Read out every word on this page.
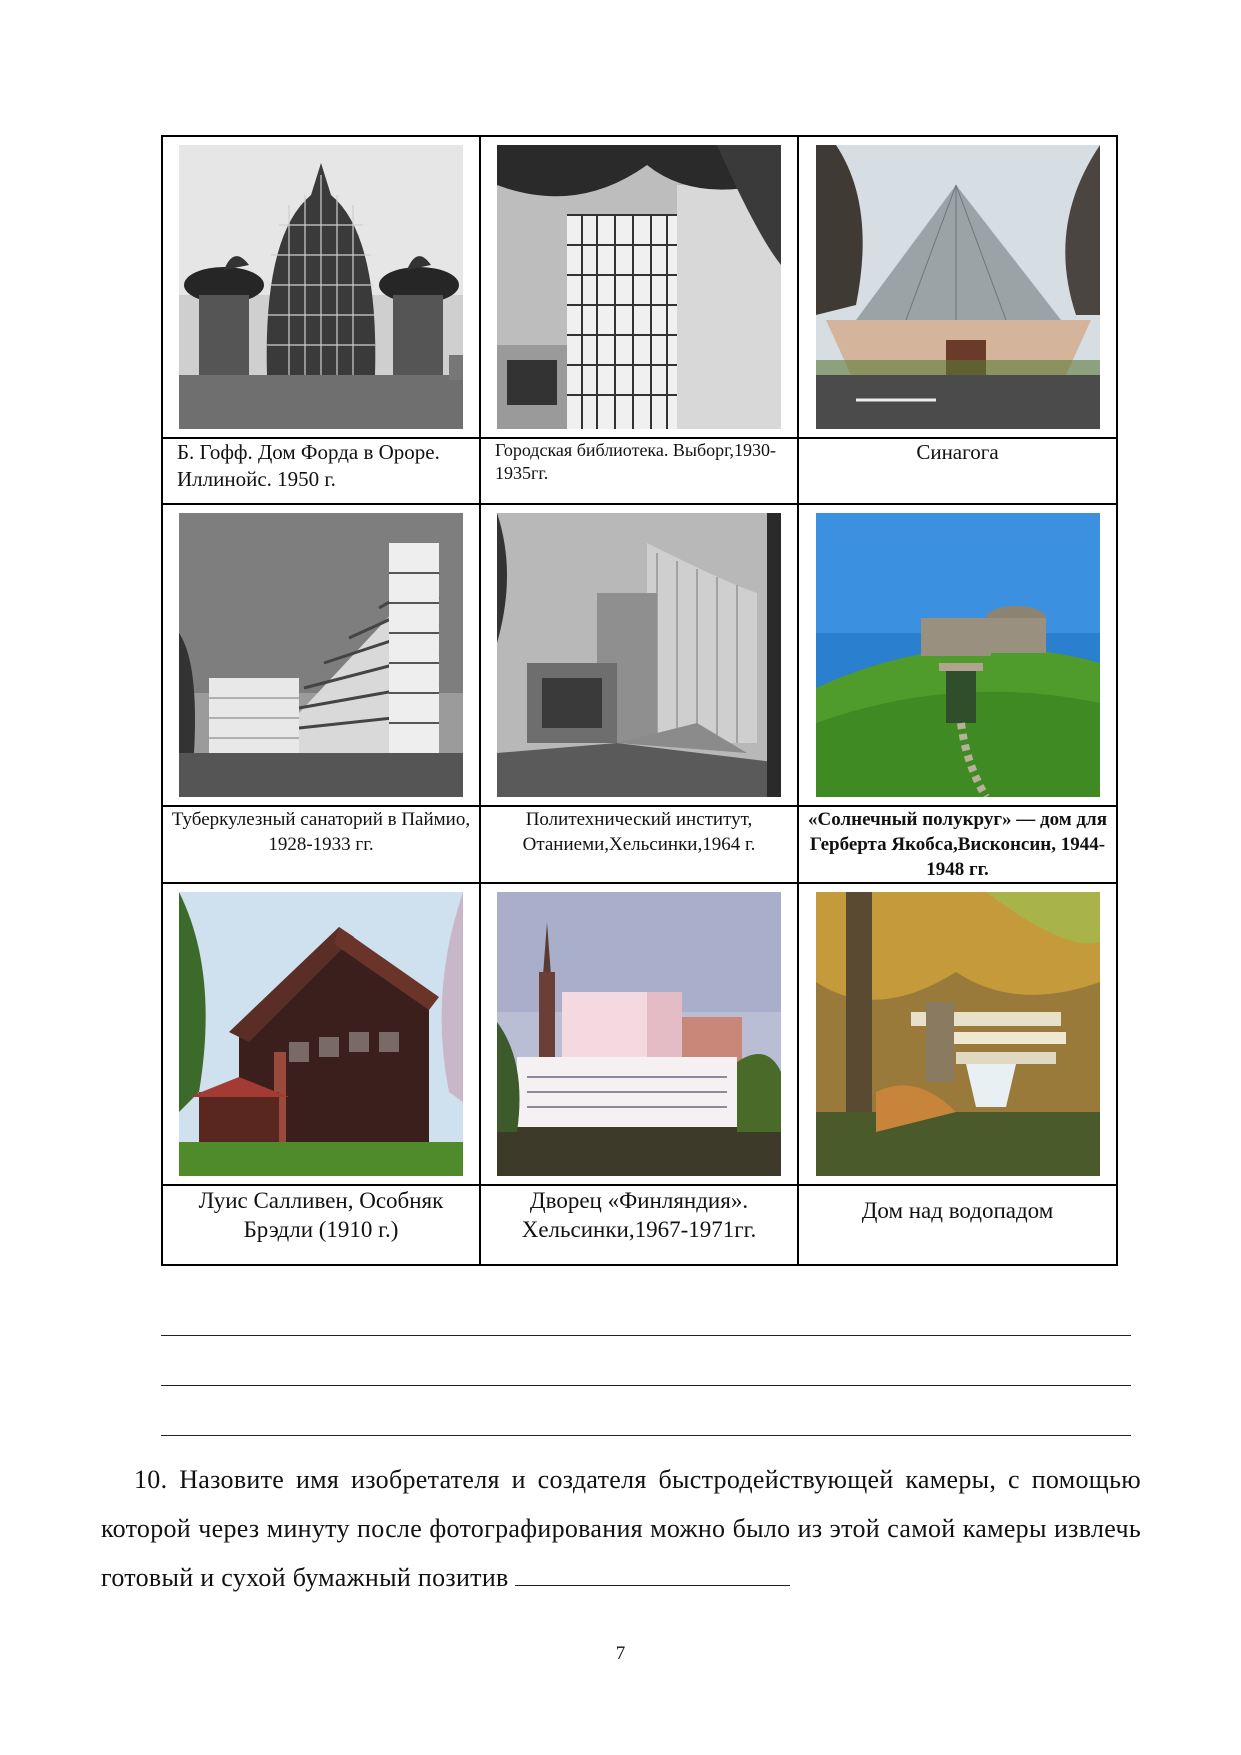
Б. Гофф. Дом Форда в Ороре. Иллинойс. 1950 г.	Городская библиотека. Выборг,1930-1935гг.	Синагога

Туберкулезный санаторий в Паймио, 1928-1933 гг.	Политехнический институт, Отаниеми,Хельсинки,1964 г.	«Солнечный полукруг» — дом для Герберта Якобса,Висконсин, 1944-1948 гг.

Луис Салливен, Особняк Брэдли (1910 г.)	Дворец «Финляндия». Хельсинки,1967-1971гг.	Дом над водопадом

10. Назовите имя изобретателя и создателя быстродействующей камеры, с помощью которой через минуту после фотографирования можно было из этой самой камеры извлечь готовый и сухой бумажный позитив

7
